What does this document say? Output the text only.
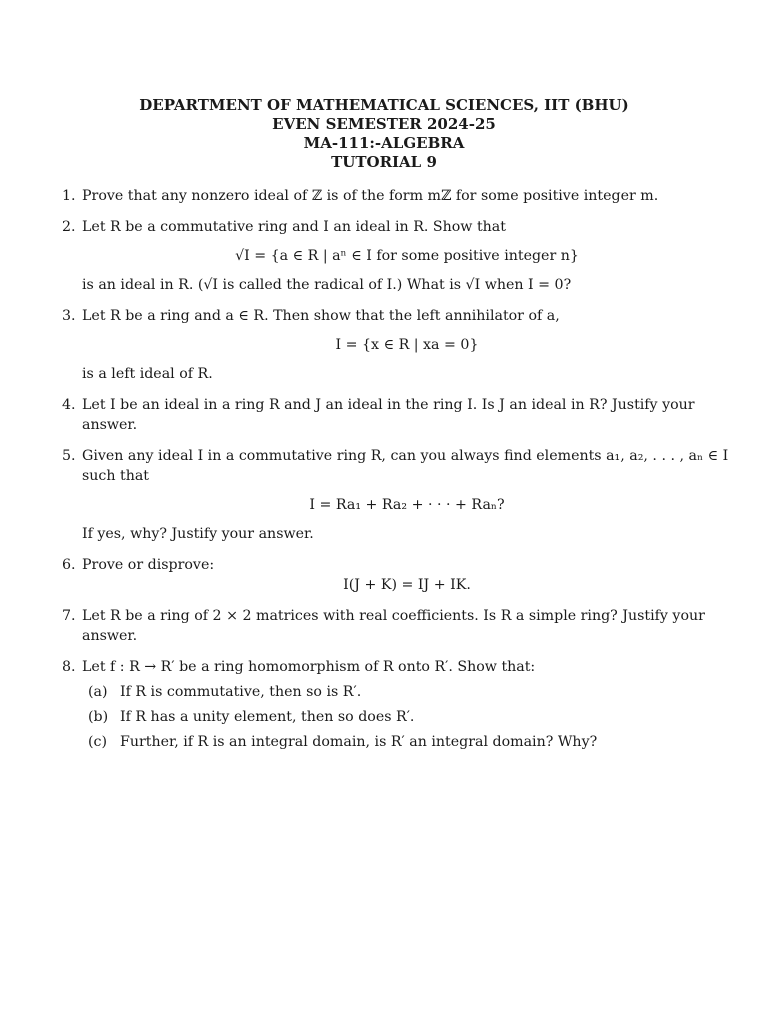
DEPARTMENT OF MATHEMATICAL SCIENCES, IIT (BHU)
EVEN SEMESTER 2024-25
MA-111:-ALGEBRA
TUTORIAL 9
1. Prove that any nonzero ideal of ℤ is of the form mℤ for some positive integer m.

2. Let R be a commutative ring and I an ideal in R. Show that

√I = {a ∈ R | aⁿ ∈ I for some positive integer n}

is an ideal in R. (√I is called the radical of I.) What is √I when I = 0?

3. Let R be a ring and a ∈ R. Then show that the left annihilator of a,

I = {x ∈ R | xa = 0}

is a left ideal of R.

4. Let I be an ideal in a ring R and J an ideal in the ring I. Is J an ideal in R? Justify your answer.

5. Given any ideal I in a commutative ring R, can you always find elements a₁, a₂, . . . , aₙ ∈ I such that

I = Ra₁ + Ra₂ + · · · + Raₙ?

If yes, why? Justify your answer.

6. Prove or disprove:

I(J + K) = IJ + IK.
7. Let R be a ring of 2 × 2 matrices with real coefficients. Is R a simple ring? Justify your answer.

8. Let f : R → R′ be a ring homomorphism of R onto R′. Show that:

(a) If R is commutative, then so is R′.
(b) If R has a unity element, then so does R′.
(c) Further, if R is an integral domain, is R′ an integral domain? Why?
